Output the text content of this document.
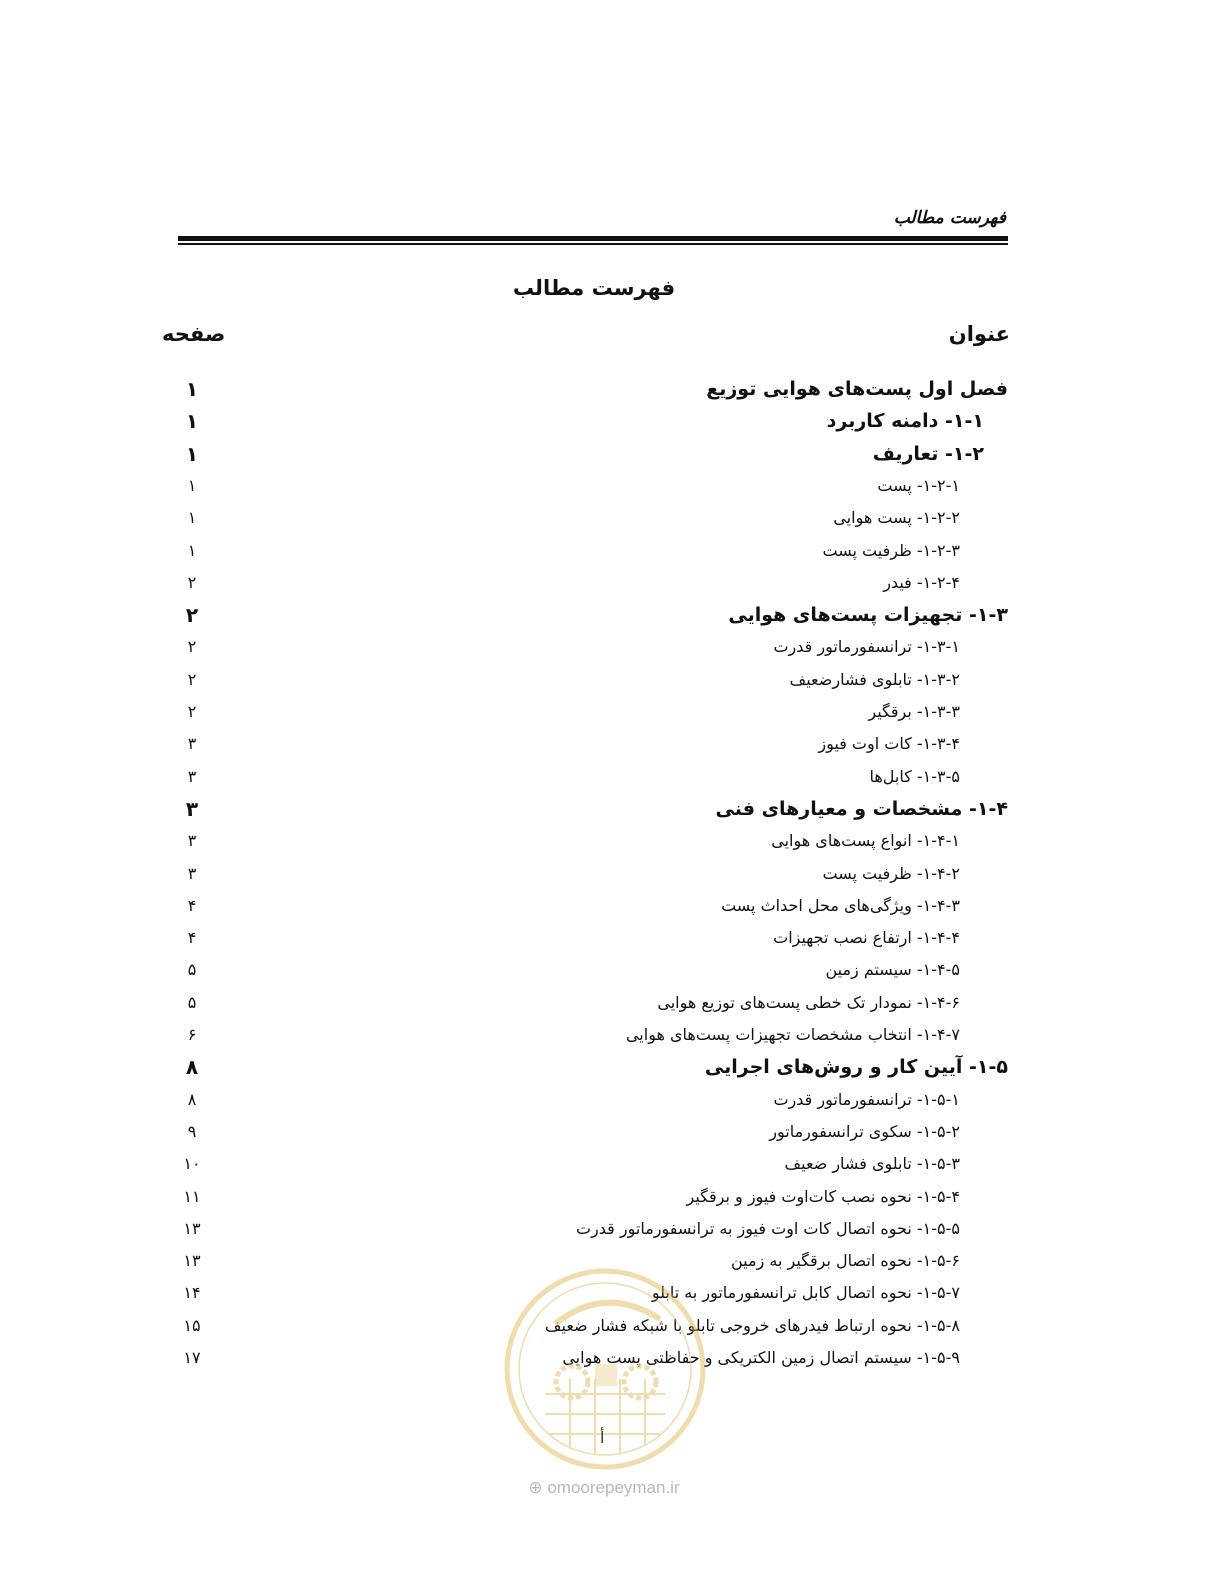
فهرست مطالب
فهرست مطالب
عنوان
صفحه
فصل اول پست‌های هوایی توزیع
۱
۱-۱- دامنه کاربرد
۱
۱-۲- تعاریف
۱
۱-۲-۱- پست
۱
۱-۲-۲- پست هوایی
۱
۱-۲-۳- ظرفیت پست
۱
۱-۲-۴- فیدر
۲
۱-۳- تجهیزات پست‌های هوایی
۲
۱-۳-۱- ترانسفورماتور قدرت
۲
۱-۳-۲- تابلوی فشارضعیف
۲
۱-۳-۳- برقگیر
۲
۱-۳-۴- کات اوت فیوز
۳
۱-۳-۵- کابل‌ها
۳
۱-۴- مشخصات و معیارهای فنی
۳
۱-۴-۱- انواع پست‌های هوایی
۳
۱-۴-۲- ظرفیت پست
۳
۱-۴-۳- ویژگی‌های محل احداث پست
۴
۱-۴-۴- ارتفاع نصب تجهیزات
۴
۱-۴-۵- سیستم زمین
۵
۱-۴-۶- نمودار تک خطی پست‌های توزیع هوایی
۵
۱-۴-۷- انتخاب مشخصات تجهیزات پست‌های هوایی
۶
۱-۵- آیین کار و روش‌های اجرایی
۸
۱-۵-۱- ترانسفورماتور قدرت
۸
۱-۵-۲- سکوی ترانسفورماتور
۹
۱-۵-۳- تابلوی فشار ضعیف
۱۰
۱-۵-۴- نحوه نصب کات‌اوت فیوز و برقگیر
۱۱
۱-۵-۵- نحوه اتصال کات اوت فیوز به ترانسفورماتور قدرت
۱۳
۱-۵-۶- نحوه اتصال برقگیر به زمین
۱۳
۱-۵-۷- نحوه اتصال کابل ترانسفورماتور به تابلو
۱۴
۱-۵-۸- نحوه ارتباط فیدرهای خروجی تابلو با شبکه فشار ضعیف
۱۵
۱-۵-۹- سیستم اتصال زمین الکتریکی و حفاظتی پست هوایی
۱۷
أ
⊕ omoorepeyman.ir
